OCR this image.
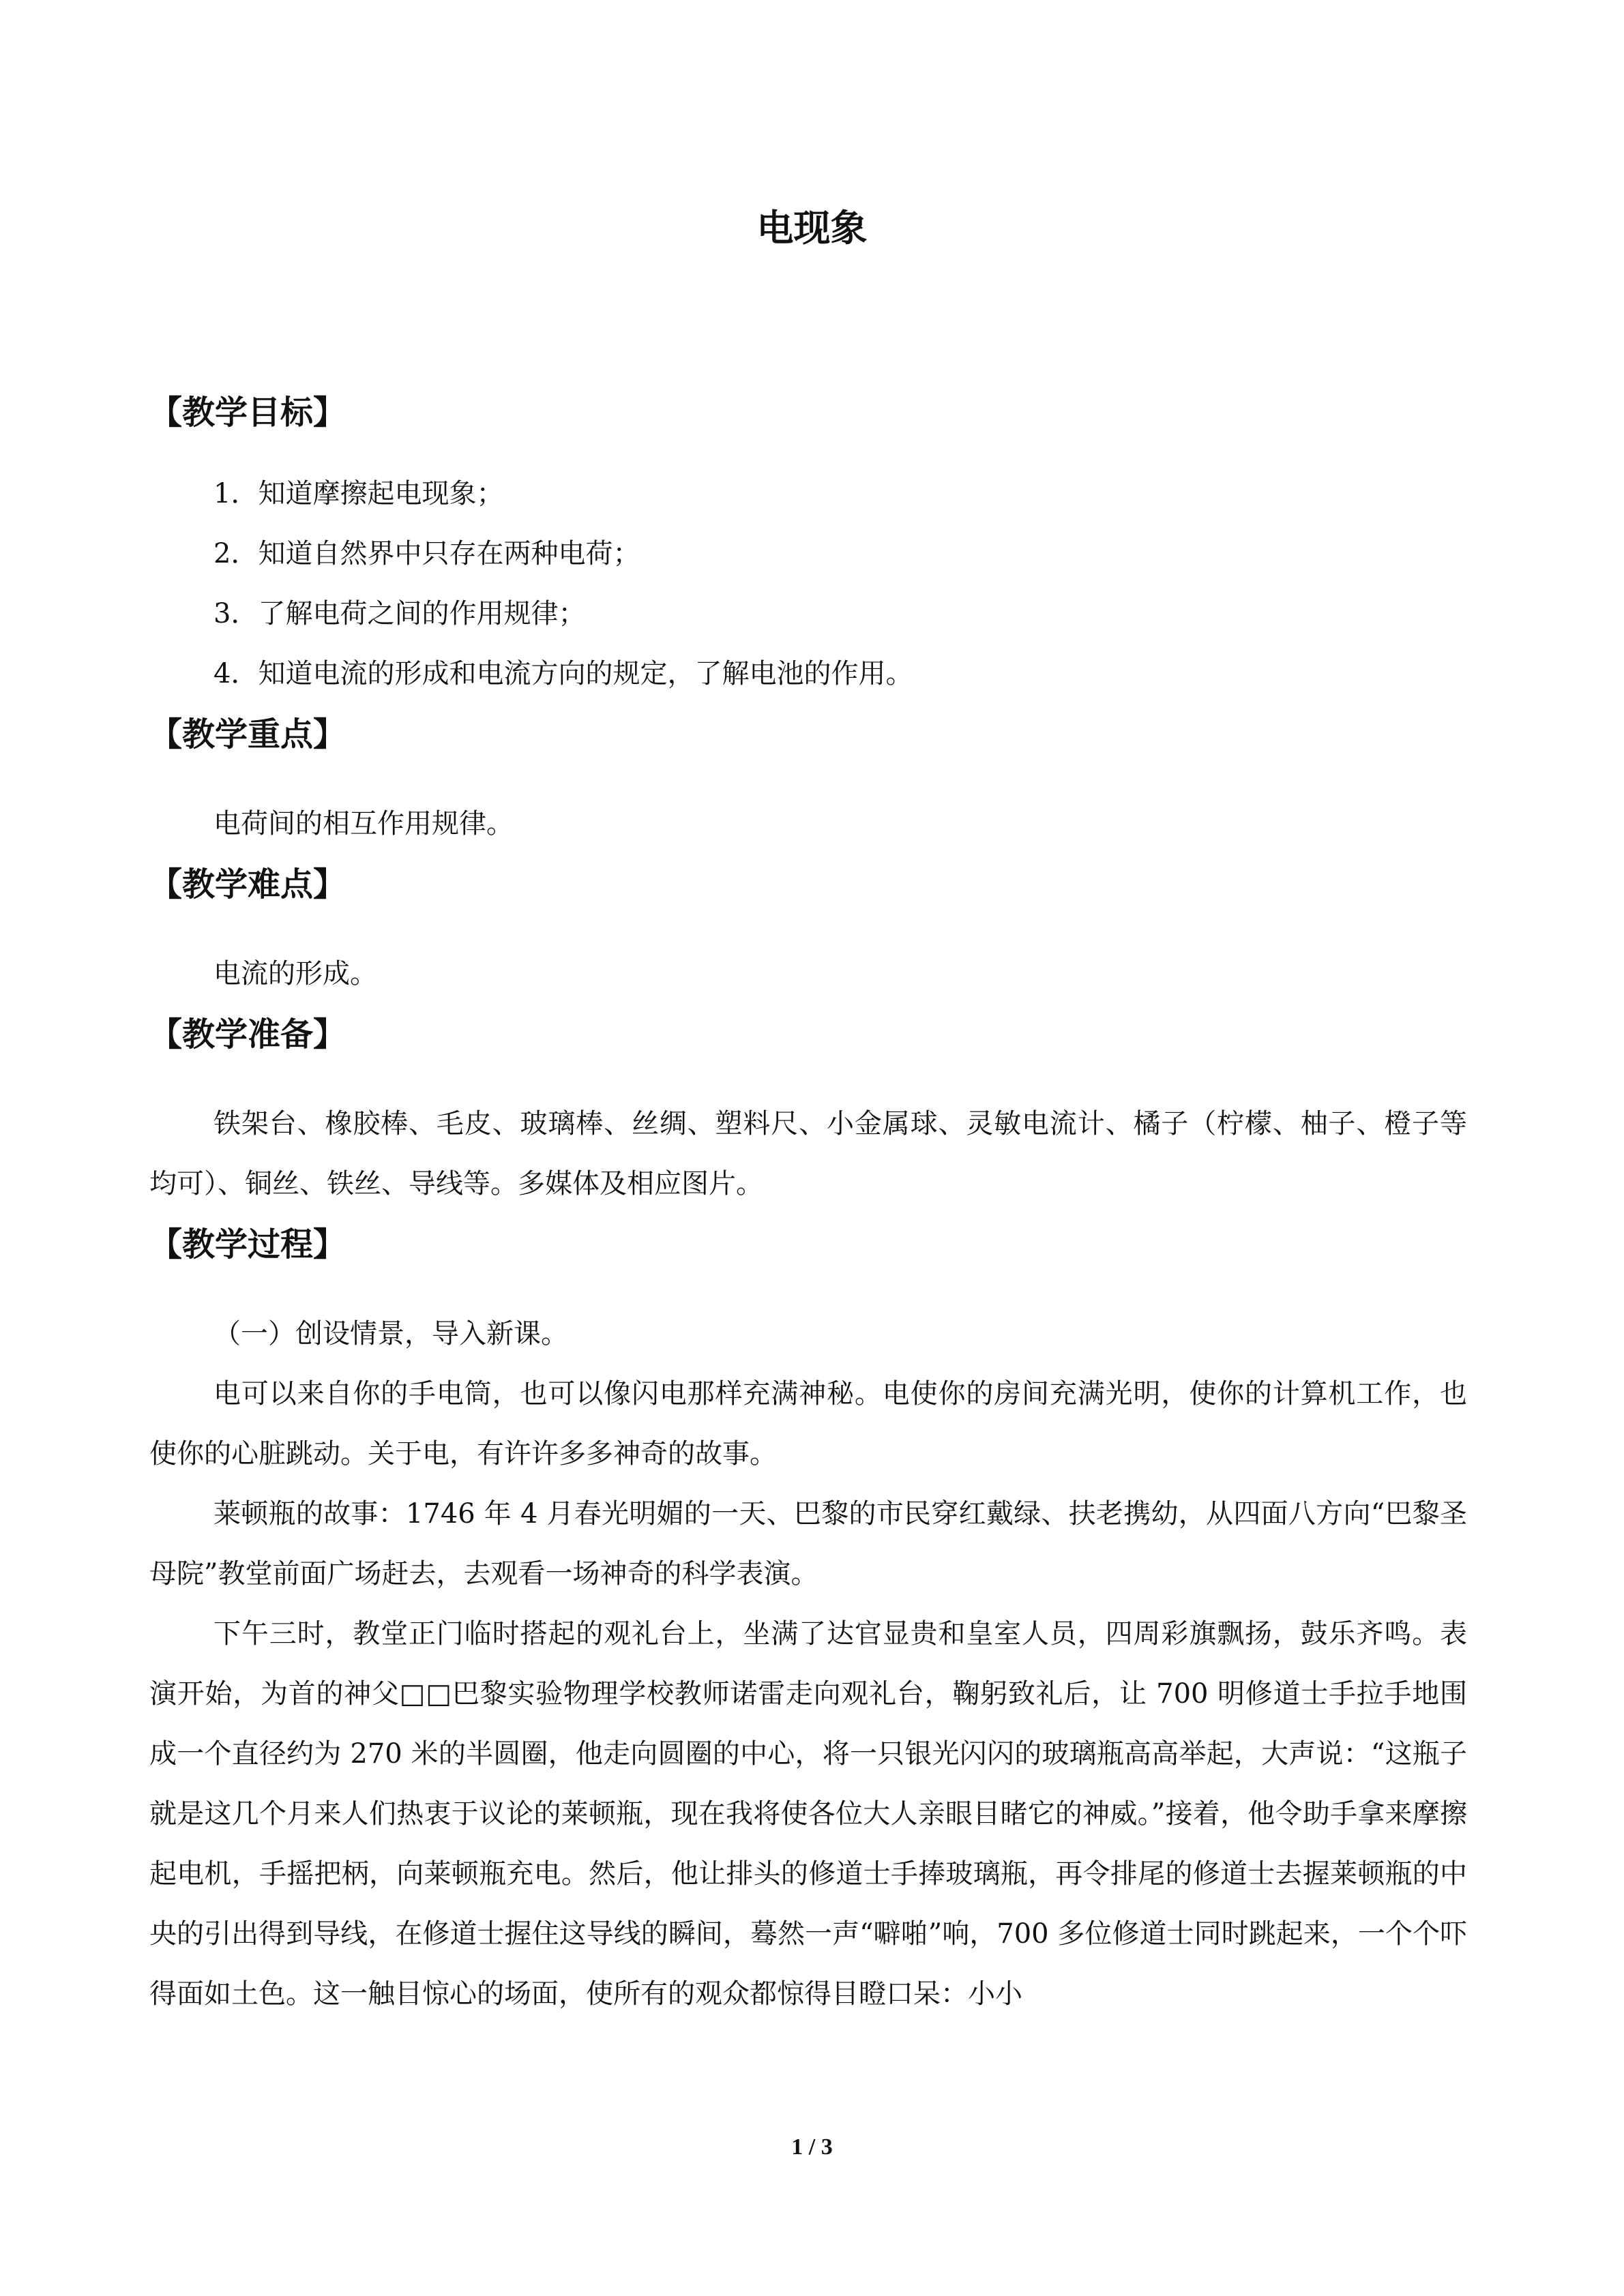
电现象
【教学目标】
1．知道摩擦起电现象；
2．知道自然界中只存在两种电荷；
3．了解电荷之间的作用规律；
4．知道电流的形成和电流方向的规定，了解电池的作用。
【教学重点】
电荷间的相互作用规律。
【教学难点】
电流的形成。
【教学准备】
铁架台、橡胶棒、毛皮、玻璃棒、丝绸、塑料尺、小金属球、灵敏电流计、橘子（柠檬、柚子、橙子等均可）、铜丝、铁丝、导线等。多媒体及相应图片。
【教学过程】
（一）创设情景，导入新课。
电可以来自你的手电筒，也可以像闪电那样充满神秘。电使你的房间充满光明，使你的计算机工作，也使你的心脏跳动。关于电，有许许多多神奇的故事。
莱顿瓶的故事：1746 年 4 月春光明媚的一天、巴黎的市民穿红戴绿、扶老携幼，从四面八方向“巴黎圣母院”教堂前面广场赶去，去观看一场神奇的科学表演。
下午三时，教堂正门临时搭起的观礼台上，坐满了达官显贵和皇室人员，四周彩旗飘扬，鼓乐齐鸣。表演开始，为首的神父□□巴黎实验物理学校教师诺雷走向观礼台，鞠躬致礼后，让 700 明修道士手拉手地围成一个直径约为 270 米的半圆圈，他走向圆圈的中心，将一只银光闪闪的玻璃瓶高高举起，大声说：“这瓶子就是这几个月来人们热衷于议论的莱顿瓶，现在我将使各位大人亲眼目睹它的神威。”接着，他令助手拿来摩擦起电机，手摇把柄，向莱顿瓶充电。然后，他让排头的修道士手捧玻璃瓶，再令排尾的修道士去握莱顿瓶的中央的引出得到导线，在修道士握住这导线的瞬间，蓦然一声“噼啪”响，700 多位修道士同时跳起来，一个个吓得面如土色。这一触目惊心的场面，使所有的观众都惊得目瞪口呆：小小
1 / 3
